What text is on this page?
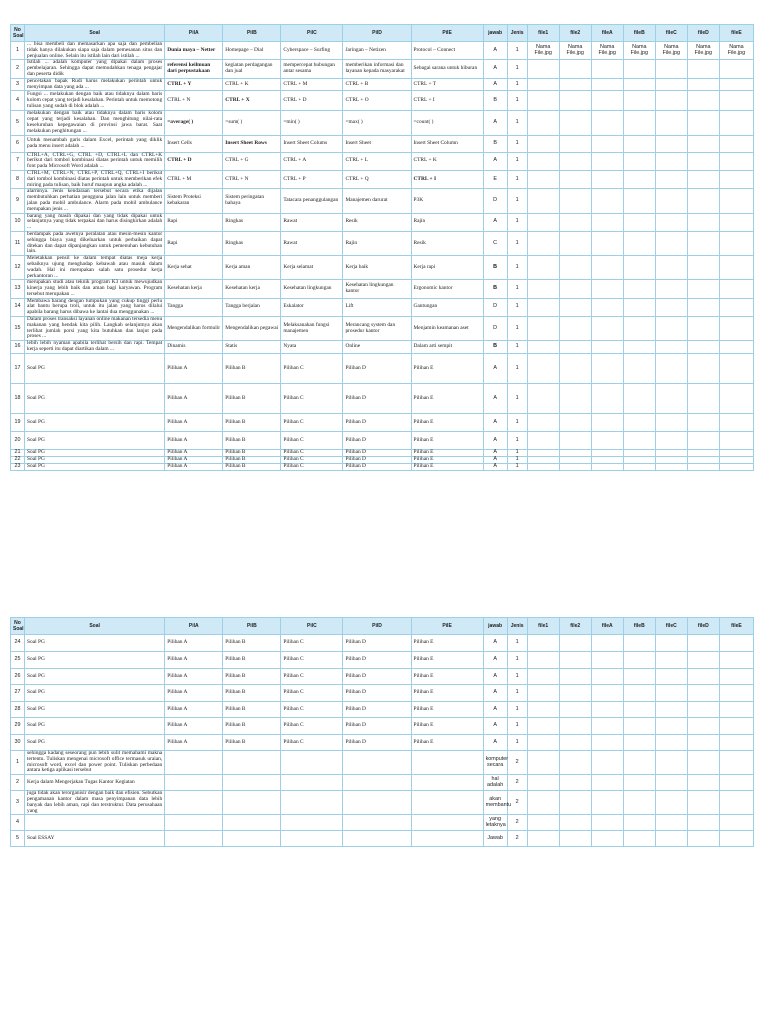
No Soal	Soal	PilA	PilB	PilC	PilD	PilE	jawab	Jenis	file1	file2	fileA	fileB	fileC	fileD	fileE
1	... bisa membeli dan memasarkan apa saja dan pembelian tidak hanya dilakukan siapa saja dalam pemesanan situs dan penjualan online. Selain itu istilah lain dari istilah ...	Dunia maya – Netter	Homepage – Dial	Cyberspace – Surfing	Jaringan – Netizen	Protocol – Connect	A	1	Nama File.jpg	Nama File.jpg	Nama File.jpg	Nama File.jpg	Nama File.jpg	Nama File.jpg	Nama File.jpg
2	Istilah ... adalah komputer yang dipakai dalam proses pembelajaran. Sehingga dapat memudahkan tenaga pengajar dan peserta didik	referensi keilmuan dari perpustakaan	kegiatan perdagangan dan jual	mempercepat hubungan antar sesama	memberikan informasi dan layanan kepada masyarakat	Sebagai sarana untuk hiburan	A	1							
3	pencetakan bapak Rudi harus melakukan perintah untuk menyimpan data yang ada ...	CTRL + Y	CTRL + K	CTRL + M	CTRL + B	CTRL + T	A	1							
4	Fungsi ... melakukan dengan baik atau tidaknya dalam baris kolom cepat yang terjadi kesalahan. Perintah untuk memotong tulisan yang sudah di blok adalah ...	CTRL + N	CTRL + X	CTRL + D	CTRL + O	CTRL + I	B	1							
5	melakukan dengan baik atau tidaknya dalam baris kolom cepat yang terjadi kesalahan. Dan menghitung nilai-rata keseluruhan kepegawaian di provinsi jawa barat. Saat melakukan penghitungan ...	=average( )	=sum( )	=min( )	=max( )	=count( )	A	1							
6	Untuk menambah garis dalam Excel, perintah yang diklik pada menu insert adalah ...	Insert Cells	Insert Sheet Rows	Insert Sheet Colums	Insert Sheet	Insert Sheet Column	B	1							
7	CTRL+A, CTRL+G, CTRL +D, CTRL+L dan CTRL+K berikut dari tombol kombinasi diatas perintah untuk memilih font pada Microsoft Word adalah ...	CTRL + D	CTRL + G	CTRL + A	CTRL + L	CTRL + K	A	1							
8	CTRL+M, CTRL+N, CTRL+P, CTRL+Q, CTRL+I berikut dari tombol kombinasi diatas perintah untuk memberikan efek miring pada tulisan, baik huruf maupun angka adalah ...	CTRL + M	CTRL + N	CTRL + P	CTRL + Q	CTRL + I	E	1							
9	alarmnya. Jenis kendaraan tersebut secara etika dijalan membutuhkan perhatian pengguna jalan lain untuk memberi jalan pada mobil ambulance. Alarm pada mobil ambulance merupakan jenis ...	Sistem Proteksi kebakaran	Sistem peringatan bahaya	Tatacara penanggulangan	Manajemen darurat	P3K	D	1							
10	barang yang masih dipakai dan yang tidak dipakai untuk selanjutnya yang tidak terpakai dan harus disingkirkan adalah ...	Rapi	Ringkas	Rawat	Resik	Rajin	A	1							
11	berdampak pada awetnya peralatan atau mesin-mesin kantor sehingga biaya yang dikeluarkan untuk perbaikan dapat ditekan dan dapat dipanjangkan untuk pemenuhan kebutuhan lain.	Rapi	Ringkas	Rawat	Rajin	Resik	C	1							
12	Meletakkan pensil ke dalam tempat diatas meja kerja sebaiknya ujung menghadap kebawah atau masuk dalam wadah. Hal ini merupakan salah satu prosedur kerja perkantoran ...	Kerja sehat	Kerja aman	Kerja selamat	Kerja baik	Kerja rapi	B	1							
13	merupakan studi atau teknik program K3 untuk mewujudkan kinerja yang lebih baik dan aman bagi karyawan. Program tersebut merupakan ...	Kesehatan kerja	Kesehatan kerja	Kesehatan lingkungan	Kesehatan lingkungan kantor	Ergonomic kantor	B	1							
14	Membawa barang dengan tumpukan yang cukup tinggi perlu alat bantu berupa troli, untuk itu jalan yang harus dilalui apabila barang harus dibawa ke lantai dua menggunakan ...	Tangga	Tangga berjalan	Eskalator	Lift	Gantungan	D	1							
15	Dalam proses transaksi layanan online makanan tersedia menu makanan yang hendak kita pilih. Langkah selanjutnya akan terlihat jumlah porsi yang kita butuhkan dan lanjut pada proses ...	Mengendalikan formulir	Mengendalikan pegawai	Melaksanakan fungsi manajemen	Merancang system dan prosedur kantor	Menjamin keamanan aset	D	1							
16	lebih lebih nyaman apabila terlihat bersih dan rapi. Tempat kerja seperti itu dapat diartikan dalam ...	Dinamis	Statis	Nyata	Online	Dalam arti sempit	B	1							
17	Soal PG	Pilihan A	Pilihan B	Pilihan C	Pilihan D	Pilihan E	A	1							
18	Soal PG	Pilihan A	Pilihan B	Pilihan C	Pilihan D	Pilihan E	A	1							
19	Soal PG	Pilihan A	Pilihan B	Pilihan C	Pilihan D	Pilihan E	A	1							
20	Soal PG	Pilihan A	Pilihan B	Pilihan C	Pilihan D	Pilihan E	A	1							
21	Soal PG	Pilihan A	Pilihan B	Pilihan C	Pilihan D	Pilihan E	A	1							
22	Soal PG	Pilihan A	Pilihan B	Pilihan C	Pilihan D	Pilihan E	A	1							
23	Soal PG	Pilihan A	Pilihan B	Pilihan C	Pilihan D	Pilihan E	A	1							
No Soal	Soal	PilA	PilB	PilC	PilD	PilE	jawab	Jenis	file1	file2	fileA	fileB	fileC	fileD	fileE
24	Soal PG	Pilihan A	Pilihan B	Pilihan C	Pilihan D	Pilihan E	A	1							
25	Soal PG	Pilihan A	Pilihan B	Pilihan C	Pilihan D	Pilihan E	A	1							
26	Soal PG	Pilihan A	Pilihan B	Pilihan C	Pilihan D	Pilihan E	A	1							
27	Soal PG	Pilihan A	Pilihan B	Pilihan C	Pilihan D	Pilihan E	A	1							
28	Soal PG	Pilihan A	Pilihan B	Pilihan C	Pilihan D	Pilihan E	A	1							
29	Soal PG	Pilihan A	Pilihan B	Pilihan C	Pilihan D	Pilihan E	A	1							
30	Soal PG	Pilihan A	Pilihan B	Pilihan C	Pilihan D	Pilihan E	A	1							
1	sehingga kadang seseorang pun lebih sulit memahami makna tertentu. Tuliskan mengenai microsoft office termasuk uraian, microsoft word, excel dan power point. Tuliskan perbedaan antara ketiga aplikasi tersebut						komputer secara	2							
2	Kerja dalam Mengerjakan Tugas Kantor Kegiatan						hal adalah	2							
3	juga tidak akan terorganisir dengan baik dan efisien. Sebutkan pengamanan kantor dalam masa penyimpanan data lebih banyak dan lebih aman, rapi dan terstruktur. Data perusahaan yang						akan membantu	2							
4							yang letaknya	2							
5	Soal ESSAY						Jawab	2							
